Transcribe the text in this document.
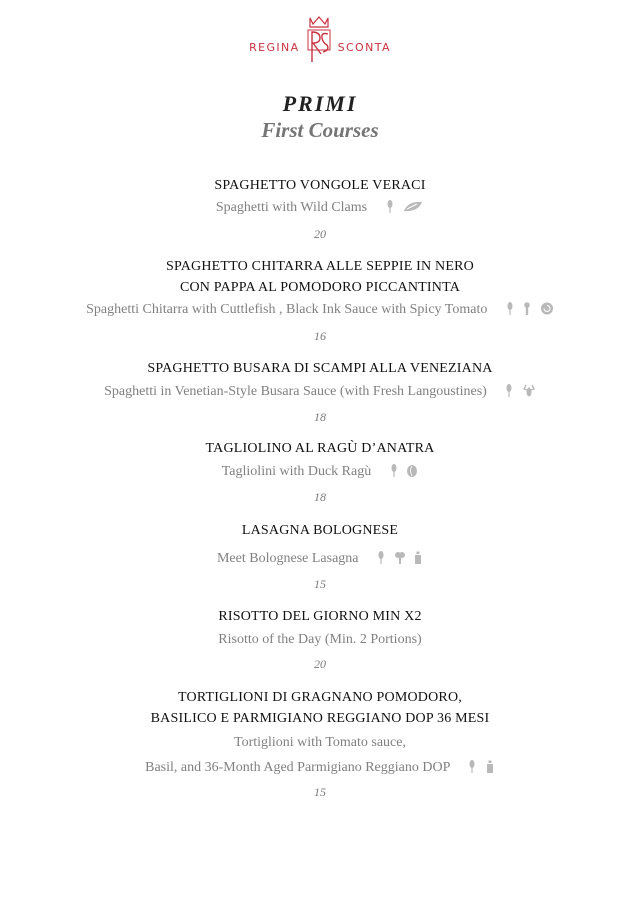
REGINA	SCONTA
PRIMI
First Courses
SPAGHETTO VONGOLE VERACI
Spaghetti with Wild Clams
20
SPAGHETTO CHITARRA ALLE SEPPIE IN NERO
CON PAPPA AL POMODORO PICCANTINTA
Spaghetti Chitarra with Cuttlefish , Black Ink Sauce with Spicy Tomato
16
SPAGHETTO BUSARA DI SCAMPI ALLA VENEZIANA
Spaghetti in Venetian-Style Busara Sauce (with Fresh Langoustines)
18
TAGLIOLINO AL RAGÙ D’ANATRA
Tagliolini with Duck Ragù
18
LASAGNA BOLOGNESE
Meet Bolognese Lasagna
15
RISOTTO DEL GIORNO MIN X2
Risotto of the Day (Min. 2 Portions)
20
TORTIGLIONI DI GRAGNANO POMODORO,
BASILICO E PARMIGIANO REGGIANO DOP 36 MESI
Tortiglioni with Tomato sauce,
Basil, and 36-Month Aged Parmigiano Reggiano DOP
15
